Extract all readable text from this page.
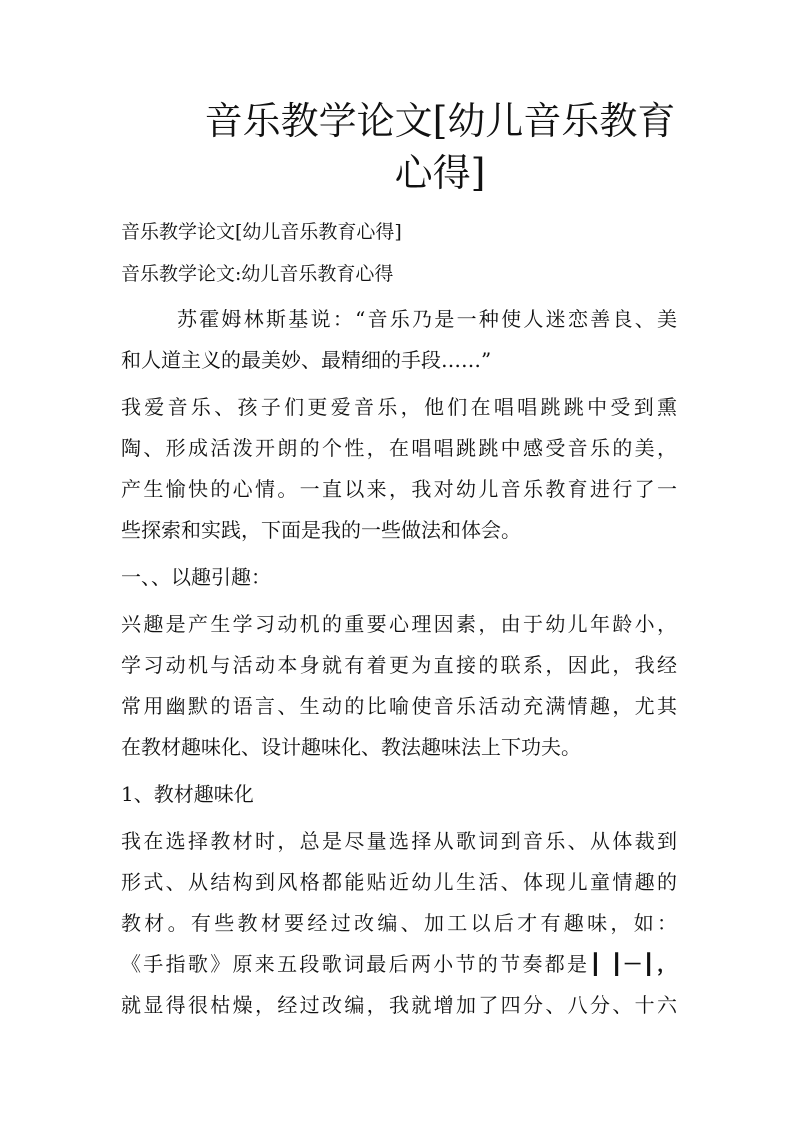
音乐教学论文[幼儿音乐教育
心得]
音乐教学论文[幼儿音乐教育心得]
音乐教学论文:幼儿音乐教育心得
苏霍姆林斯基说：“音乐乃是一种使人迷恋善良、美
和人道主义的最美妙、最精细的手段……”
我爱音乐、孩子们更爱音乐，他们在唱唱跳跳中受到熏
陶、形成活泼开朗的个性，在唱唱跳跳中感受音乐的美，
产生愉快的心情。一直以来，我对幼儿音乐教育进行了一
些探索和实践，下面是我的一些做法和体会。
一、、以趣引趣：
兴趣是产生学习动机的重要心理因素，由于幼儿年龄小，
学习动机与活动本身就有着更为直接的联系，因此，我经
常用幽默的语言、生动的比喻使音乐活动充满情趣，尤其
在教材趣味化、设计趣味化、教法趣味法上下功夫。
1、教材趣味化
我在选择教材时，总是尽量选择从歌词到音乐、从体裁到
形式、从结构到风格都能贴近幼儿生活、体现儿童情趣的
教材。有些教材要经过改编、加工以后才有趣味，如：
《手指歌》原来五段歌词最后两小节的节奏都是┃ ┃－┃，
就显得很枯燥，经过改编，我就增加了四分、八分、十六
